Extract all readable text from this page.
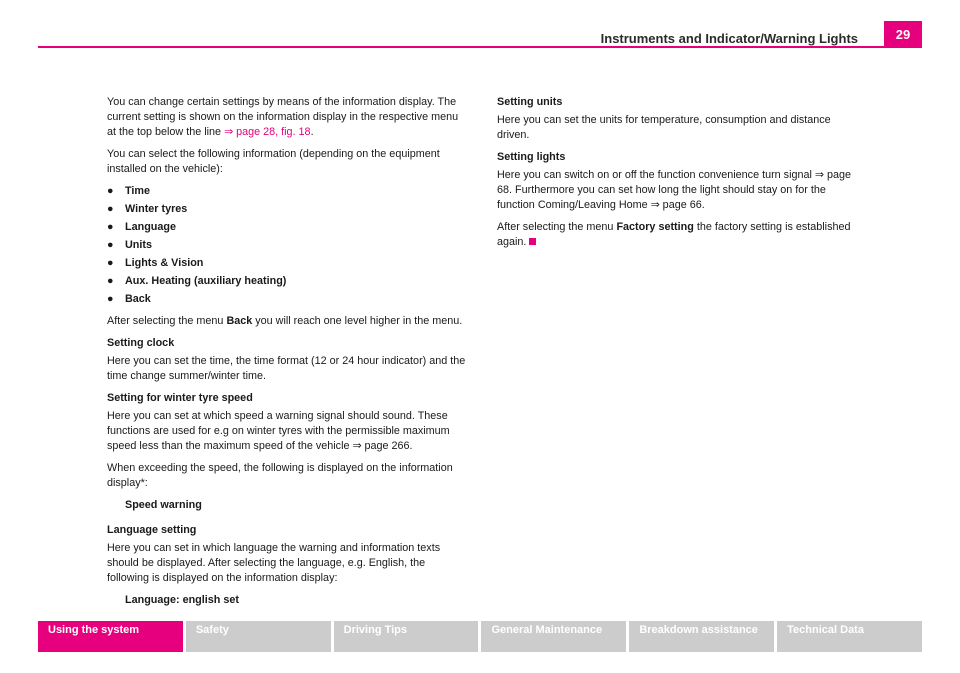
Instruments and Indicator/Warning Lights	29

You can change certain settings by means of the information display. The current setting is shown on the information display in the respective menu at the top below the line ⇒ page 28, fig. 18.

You can select the following information (depending on the equipment installed on the vehicle):

●	Time
●	Winter tyres
●	Language
●	Units
●	Lights & Vision
●	Aux. Heating (auxiliary heating)
●	Back

After selecting the menu Back you will reach one level higher in the menu.

Setting clock

Here you can set the time, the time format (12 or 24 hour indicator) and the time change summer/winter time.

Setting for winter tyre speed

Here you can set at which speed a warning signal should sound. These functions are used for e.g on winter tyres with the permissible maximum speed less than the maximum speed of the vehicle ⇒ page 266.

When exceeding the speed, the following is displayed on the information display*:

Speed warning
Language setting

Here you can set in which language the warning and information texts should be displayed. After selecting the language, e.g. English, the following is displayed on the information display:

Language: english set
Setting units

Here you can set the units for temperature, consumption and distance driven.

Setting lights

Here you can switch on or off the function convenience turn signal ⇒ page 68. Furthermore you can set how long the light should stay on for the function Coming/Leaving Home ⇒ page 66.

After selecting the menu Factory setting the factory setting is established again.

Using the system	Safety	Driving Tips	General Maintenance	Breakdown assistance	Technical Data
